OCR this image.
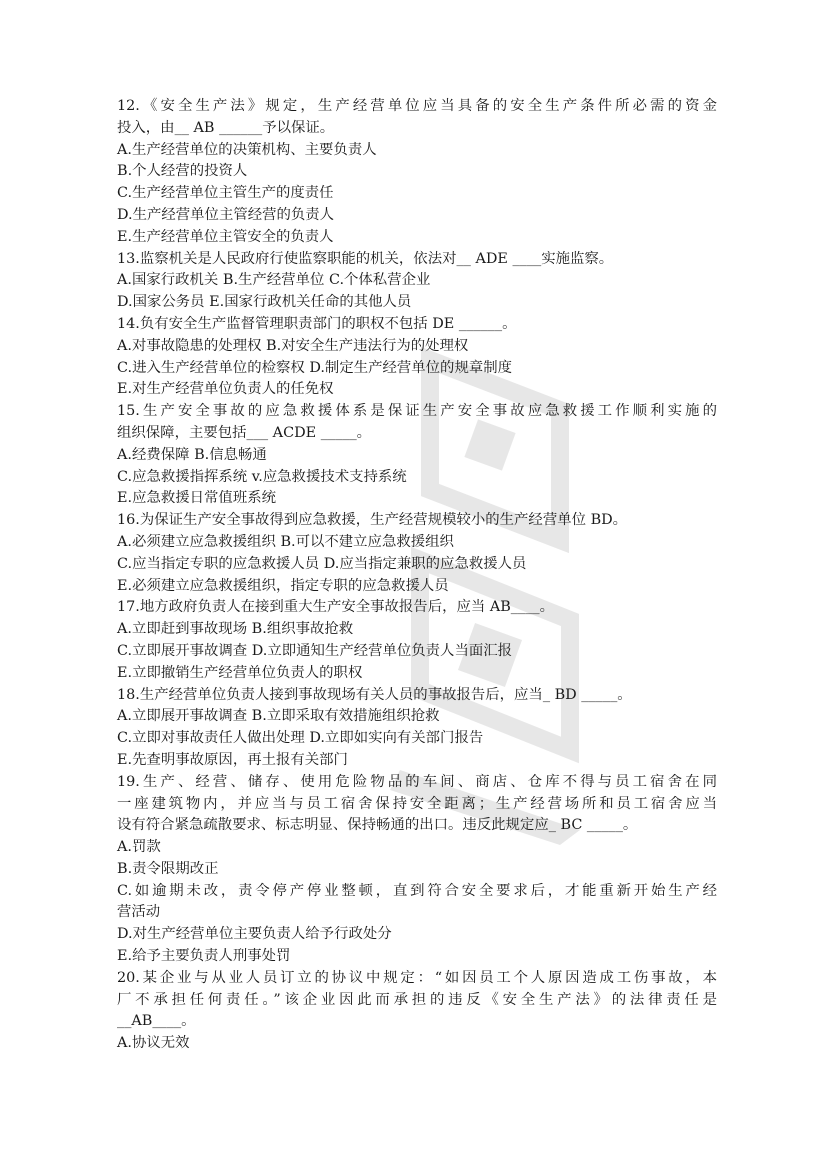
12.《安全生产法》规定，生产经营单位应当具备的安全生产条件所必需的资金
投入，由__ AB ______予以保证。
A.生产经营单位的决策机构、主要负责人
B.个人经营的投资人
C.生产经营单位主管生产的度责任
D.生产经营单位主管经营的负责人
E.生产经营单位主管安全的负责人
13.监察机关是人民政府行使监察职能的机关，依法对__ ADE ____实施监察。
A.国家行政机关 B.生产经营单位 C.个体私营企业
D.国家公务员 E.国家行政机关任命的其他人员
14.负有安全生产监督管理职责部门的职权不包括 DE ______。
A.对事故隐患的处理权 B.对安全生产违法行为的处理权
C.进入生产经营单位的检察权 D.制定生产经营单位的规章制度
E.对生产经营单位负责人的任免权
15.生产安全事故的应急救援体系是保证生产安全事故应急救援工作顺利实施的
组织保障，主要包括___ ACDE _____。
A.经费保障 B.信息畅通
C.应急救援指挥系统 v.应急救援技术支持系统
E.应急救援日常值班系统
16.为保证生产安全事故得到应急救援，生产经营规模较小的生产经营单位 BD。
A.必须建立应急救援组织 B.可以不建立应急救援组织
C.应当指定专职的应急救援人员 D.应当指定兼职的应急救援人员
E.必须建立应急救援组织，指定专职的应急救援人员
17.地方政府负责人在接到重大生产安全事故报告后，应当 AB____。
A.立即赶到事故现场 B.组织事故抢救
C.立即展开事故调查 D.立即通知生产经营单位负责人当面汇报
E.立即撤销生产经营单位负责人的职权
18.生产经营单位负责人接到事故现场有关人员的事故报告后，应当_ BD _____。
A.立即展开事故调查 B.立即采取有效措施组织抢救
C.立即对事故责任人做出处理 D.立即如实向有关部门报告
E.先查明事故原因，再土报有关部门
19.生产、经营、储存、使用危险物品的车间、商店、仓库不得与员工宿舍在同
一座建筑物内，并应当与员工宿舍保持安全距离；生产经营场所和员工宿舍应当
设有符合紧急疏散要求、标志明显、保持畅通的出口。违反此规定应_ BC _____。
A.罚款
B.责令限期改正
C.如逾期未改，责令停产停业整顿，直到符合安全要求后，才能重新开始生产经
营活动
D.对生产经营单位主要负责人给予行政处分
E.给予主要负责人刑事处罚
20.某企业与从业人员订立的协议中规定：“如因员工个人原因造成工伤事故，本
厂不承担任何责任。”该企业因此而承担的违反《安全生产法》的法律责任是
__AB____。
A.协议无效
